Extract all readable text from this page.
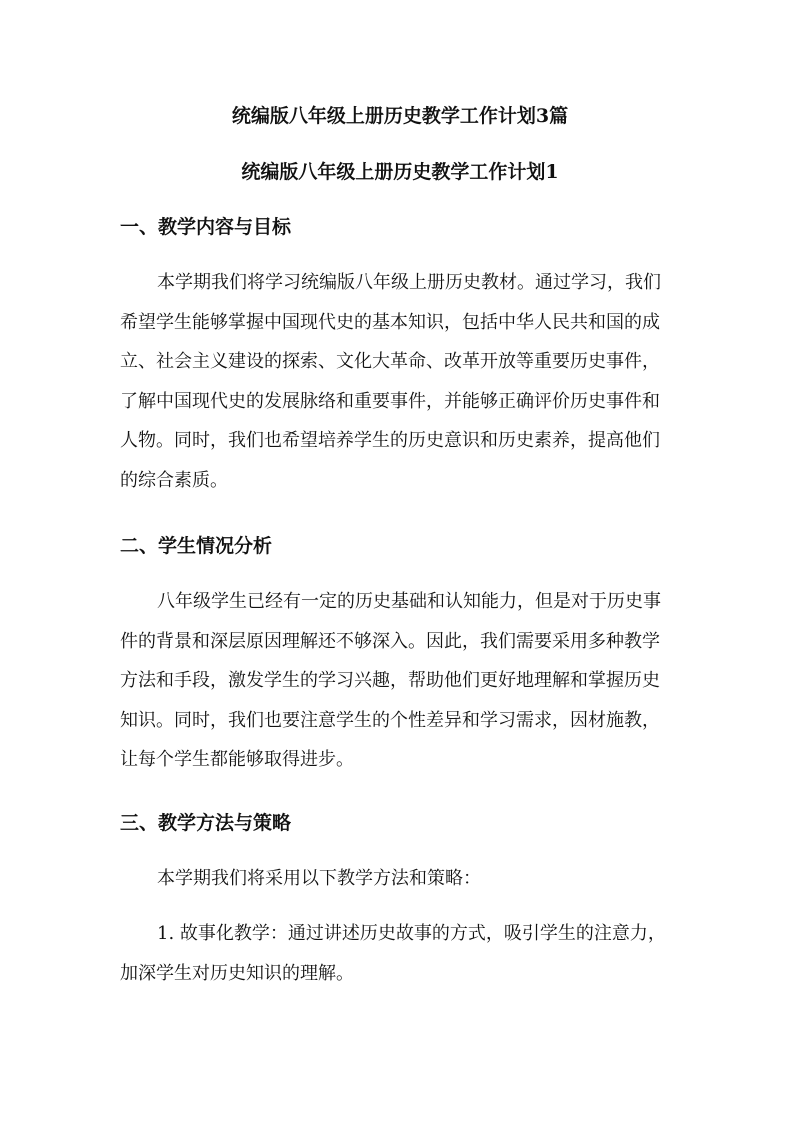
统编版八年级上册历史教学工作计划3篇
统编版八年级上册历史教学工作计划1
一、教学内容与目标

本学期我们将学习统编版八年级上册历史教材。通过学习，我们
希望学生能够掌握中国现代史的基本知识，包括中华人民共和国的成
立、社会主义建设的探索、文化大革命、改革开放等重要历史事件，
了解中国现代史的发展脉络和重要事件，并能够正确评价历史事件和
人物。同时，我们也希望培养学生的历史意识和历史素养，提高他们
的综合素质。

二、学生情况分析

八年级学生已经有一定的历史基础和认知能力，但是对于历史事
件的背景和深层原因理解还不够深入。因此，我们需要采用多种教学
方法和手段，激发学生的学习兴趣，帮助他们更好地理解和掌握历史
知识。同时，我们也要注意学生的个性差异和学习需求，因材施教，
让每个学生都能够取得进步。

三、教学方法与策略

本学期我们将采用以下教学方法和策略：

1. 故事化教学：通过讲述历史故事的方式，吸引学生的注意力，
加深学生对历史知识的理解。
